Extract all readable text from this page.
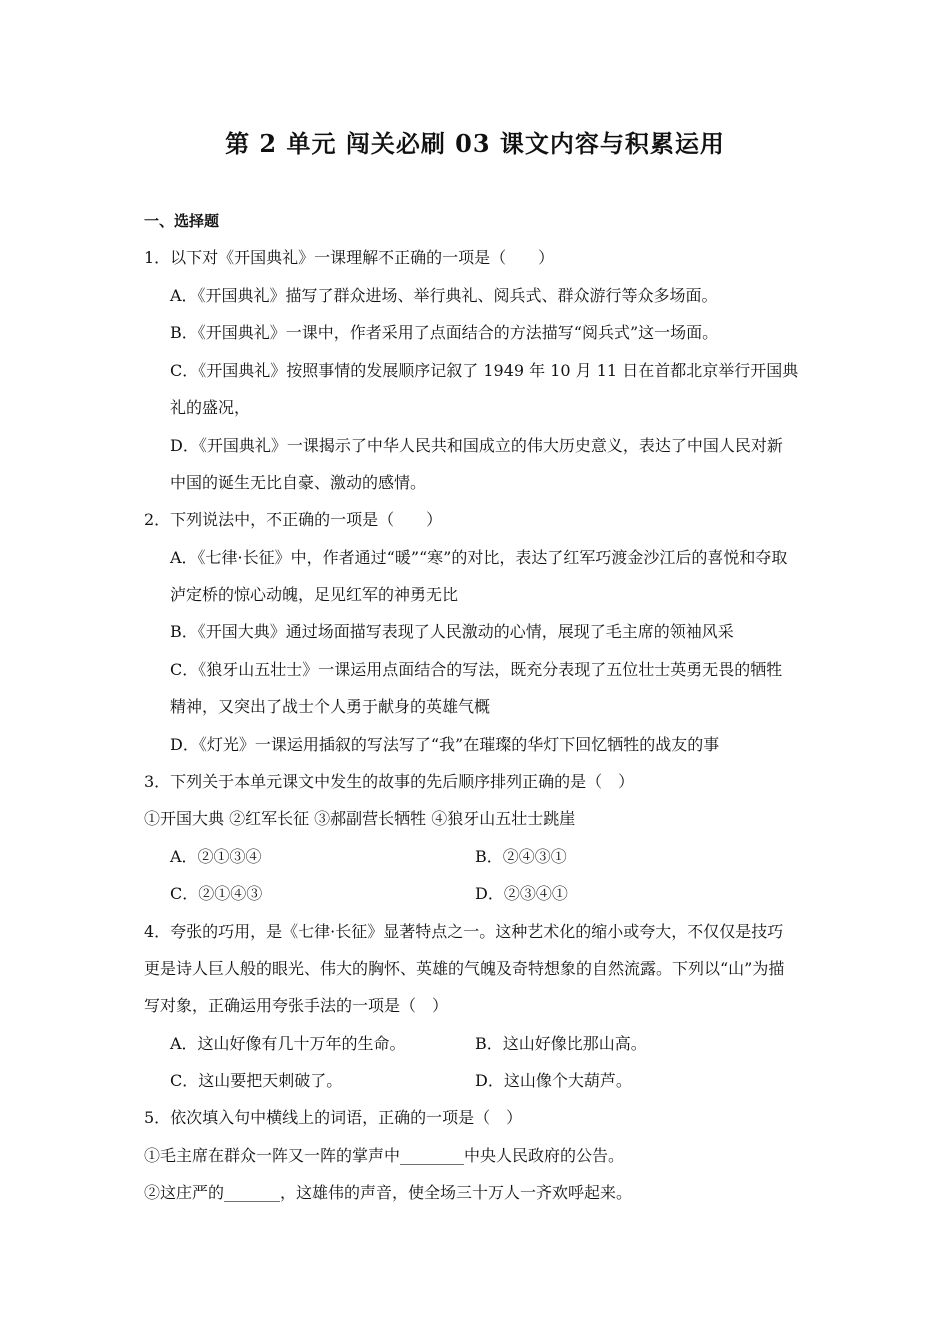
第 2 单元 闯关必刷 03 课文内容与积累运用
一、选择题
1．以下对《开国典礼》一课理解不正确的一项是（　　）
A．《开国典礼》描写了群众进场、举行典礼、阅兵式、群众游行等众多场面。
B．《开国典礼》一课中，作者采用了点面结合的方法描写“阅兵式”这一场面。
C．《开国典礼》按照事情的发展顺序记叙了 1949 年 10 月 11 日在首都北京举行开国典
礼的盛况，
D．《开国典礼》一课揭示了中华人民共和国成立的伟大历史意义，表达了中国人民对新
中国的诞生无比自豪、激动的感情。
2．下列说法中，不正确的一项是（　　）
A．《七律·长征》中，作者通过“暖”“寒”的对比，表达了红军巧渡金沙江后的喜悦和夺取
泸定桥的惊心动魄，足见红军的神勇无比
B．《开国大典》通过场面描写表现了人民激动的心情，展现了毛主席的领袖风采
C．《狼牙山五壮士》一课运用点面结合的写法，既充分表现了五位壮士英勇无畏的牺牲
精神，又突出了战士个人勇于献身的英雄气概
D．《灯光》一课运用插叙的写法写了“我”在璀璨的华灯下回忆牺牲的战友的事
3．下列关于本单元课文中发生的故事的先后顺序排列正确的是（　）
①开国大典 ②红军长征 ③郝副营长牺牲 ④狼牙山五壮士跳崖
A．②①③④	B．②④③①
C．②①④③	D．②③④①
4．夸张的巧用，是《七律·长征》显著特点之一。这种艺术化的缩小或夸大，不仅仅是技巧
更是诗人巨人般的眼光、伟大的胸怀、英雄的气魄及奇特想象的自然流露。下列以“山”为描
写对象，正确运用夸张手法的一项是（　）
A．这山好像有几十万年的生命。	B．这山好像比那山高。
C．这山要把天刺破了。	D．这山像个大葫芦。
5．依次填入句中横线上的词语，正确的一项是（　）
①毛主席在群众一阵又一阵的掌声中________中央人民政府的公告。
②这庄严的_______，这雄伟的声音，使全场三十万人一齐欢呼起来。
